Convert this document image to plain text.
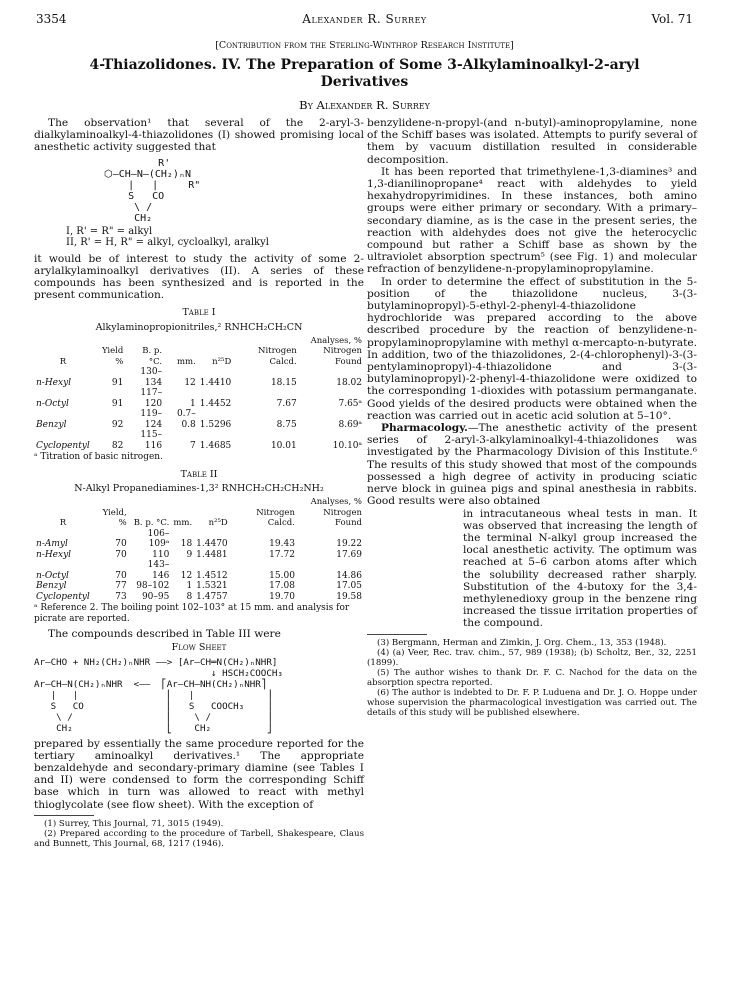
3354	Alexander R. Surrey	Vol. 71
[Contribution from the Sterling-Winthrop Research Institute]
4-Thiazolidones. IV. The Preparation of Some 3-Alkylaminoalkyl-2-aryl Derivatives
By Alexander R. Surrey

The observation¹ that several of the 2-aryl-3-dialkylaminoalkyl-4-thiazolidones (I) showed promising local anesthetic activity suggested that

R'
⬡—CH—N—(CH₂)ₙN
|   |     R"
S   CO
\ /
CH₂
I, R' = R" = alkyl
II, R' = H, R" = alkyl, cycloalkyl, aralkyl

it would be of interest to study the activity of some 2-arylalkylaminoalkyl derivatives (II). A series of these compounds has been synthesized and is reported in the present communication.

Table I
Alkylaminopropionitriles,² RNHCH₂CH₂CN
					Analyses, %	
R	Yield %	B. p. °C.	mm.	n²⁵D	Nitrogen Calcd.	Nitrogen Found
n-Hexyl	91	130–134	12	1.4410	18.15	18.02
n-Octyl	91	117–120	1	1.4452	7.67	7.65ᵃ
Benzyl	92	119–124	0.7–0.8	1.5296	8.75	8.69ᵃ
Cyclopentyl	82	115–116	7	1.4685	10.01	10.10ᵃ
ᵃ Titration of basic nitrogen.
Table II
N-Alkyl Propanediamines-1,3² RNHCH₂CH₂CH₂NH₂
					Analyses, %	
R	Yield, %	B. p. °C.	mm.	n²⁵D	Nitrogen Calcd.	Nitrogen Found
n-Amyl	70	106–109ᵃ	18	1.4470	19.43	19.22
n-Hexyl	70	110	9	1.4481	17.72	17.69
n-Octyl	70	143–146	12	1.4512	15.00	14.86
Benzyl	77	98–102	1	1.5321	17.08	17.05
Cyclopentyl	73	90–95	8	1.4757	19.70	19.58
ᵃ Reference 2. The boiling point 102–103° at 15 mm. and analysis for picrate are reported.

The compounds described in Table III were

Flow Sheet
Ar—CHO + NH₂(CH₂)ₙNHR ——> [Ar—CH═N(CH₂)ₙNHR]
↓ HSCH₂COOCH₃
Ar—CH—N(CH₂)ₙNHR  <——  ⎡Ar—CH—NH(CH₂)ₙNHR⎤
|   |                ⎢   |             ⎥
S   CO               ⎢   S   COOCH₃    ⎥
\ /                 ⎢    \ /          ⎥
CH₂                 ⎣    CH₂          ⎦

prepared by essentially the same procedure reported for the tertiary aminoalkyl derivatives.¹ The appropriate benzaldehyde and secondary-primary diamine (see Tables I and II) were condensed to form the corresponding Schiff base which in turn was allowed to react with methyl thioglycolate (see flow sheet). With the exception of

(1) Surrey, This Journal, 71, 3015 (1949).

(2) Prepared according to the procedure of Tarbell, Shakespeare, Claus and Bunnett, This Journal, 68, 1217 (1946).

benzylidene-n-propyl-(and n-butyl)-aminopropylamine, none of the Schiff bases was isolated. Attempts to purify several of them by vacuum distillation resulted in considerable decomposition.

It has been reported that trimethylene-1,3-diamines³ and 1,3-dianilinopropane⁴ react with aldehydes to yield hexahydropyrimidines. In these instances, both amino groups were either primary or secondary. With a primary–secondary diamine, as is the case in the present series, the reaction with aldehydes does not give the heterocyclic compound but rather a Schiff base as shown by the ultraviolet absorption spectrum⁵ (see Fig. 1) and molecular refraction of benzylidene-n-propylaminopropylamine.

In order to determine the effect of substitution in the 5-position of the thiazolidone nucleus, 3-(3-butylaminopropyl)-5-ethyl-2-phenyl-4-thiazolidone hydrochloride was prepared according to the above described procedure by the reaction of benzylidene-n-propylaminopropylamine with methyl α-mercapto-n-butyrate. In addition, two of the thiazolidones, 2-(4-chlorophenyl)-3-(3-pentylaminopropyl)-4-thiazolidone and 3-(3-butylaminopropyl)-2-phenyl-4-thiazolidone were oxidized to the corresponding 1-dioxides with potassium permanganate. Good yields of the desired products were obtained when the reaction was carried out in acetic acid solution at 5–10°.

Pharmacology.—The anesthetic activity of the present series of 2-aryl-3-alkylaminoalkyl-4-thiazolidones was investigated by the Pharmacology Division of this Institute.⁶ The results of this study showed that most of the compounds possessed a high degree of activity in producing sciatic nerve block in guinea pigs and spinal anesthesia in rabbits. Good results were also obtained

in intracutaneous wheal tests in man. It was observed that increasing the length of the terminal N-alkyl group increased the local anesthetic activity. The optimum was reached at 5–6 carbon atoms after which the solubility decreased rather sharply. Substitution of the 4-butoxy for the 3,4-methylenedioxy group in the benzene ring increased the tissue irritation properties of the compound.

(3) Bergmann, Herman and Zimkin, J. Org. Chem., 13, 353 (1948).

(4) (a) Veer, Rec. trav. chim., 57, 989 (1938); (b) Scholtz, Ber., 32, 2251 (1899).

(5) The author wishes to thank Dr. F. C. Nachod for the data on the absorption spectra reported.

(6) The author is indebted to Dr. F. P. Luduena and Dr. J. O. Hoppe under whose supervision the pharmacological investigation was carried out. The details of this study will be published elsewhere.
